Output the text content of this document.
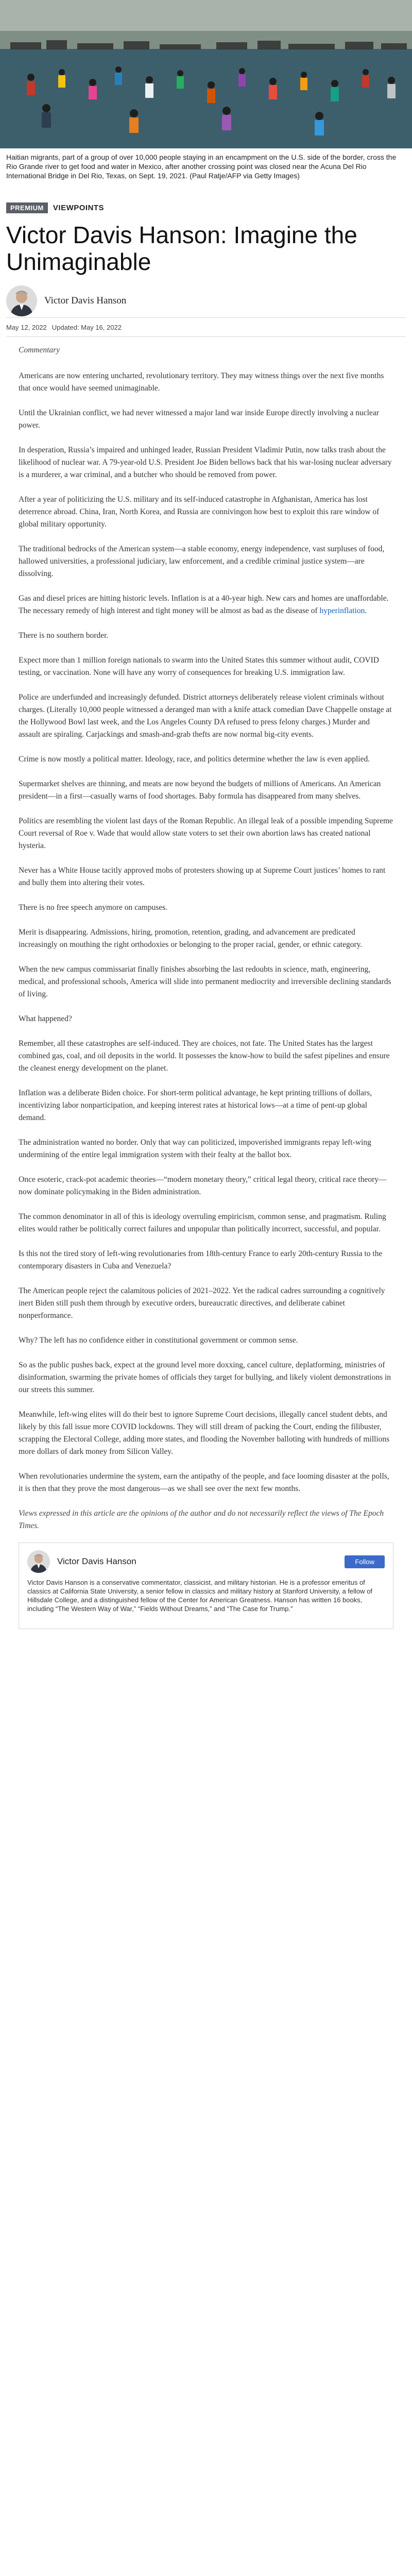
Haitian migrants, part of a group of over 10,000 people staying in an encampment on the U.S. side of the border, cross the Rio Grande river to get food and water in Mexico, after another crossing point was closed near the Acuna Del Rio International Bridge in Del Rio, Texas, on Sept. 19, 2021. (Paul Ratje/AFP via Getty Images)
PREMIUM	VIEWPOINTS
Victor Davis Hanson: Imagine the Unimaginable
Victor Davis Hanson
May 12, 2022 Updated: May 16, 2022
Commentary

Americans are now entering uncharted, revolutionary territory. They may witness things over the next five months that once would have seemed unimaginable.

Until the Ukrainian conflict, we had never witnessed a major land war inside Europe directly involving a nuclear power.

In desperation, Russia’s impaired and unhinged leader, Russian President Vladimir Putin, now talks trash about the likelihood of nuclear war. A 79-year-old U.S. President Joe Biden bellows back that his war-losing nuclear adversary is a murderer, a war criminal, and a butcher who should be removed from power.

After a year of politicizing the U.S. military and its self-induced catastrophe in Afghanistan, America has lost deterrence abroad. China, Iran, North Korea, and Russia are connivingon how best to exploit this rare window of global military opportunity.

The traditional bedrocks of the American system—a stable economy, energy independence, vast surpluses of food, hallowed universities, a professional judiciary, law enforcement, and a credible criminal justice system—are dissolving.

Gas and diesel prices are hitting historic levels. Inflation is at a 40-year high. New cars and homes are unaffordable. The necessary remedy of high interest and tight money will be almost as bad as the disease of hyperinflation.

There is no southern border.

Expect more than 1 million foreign nationals to swarm into the United States this summer without audit, COVID testing, or vaccination. None will have any worry of consequences for breaking U.S. immigration law.

Police are underfunded and increasingly defunded. District attorneys deliberately release violent criminals without charges. (Literally 10,000 people witnessed a deranged man with a knife attack comedian Dave Chappelle onstage at the Hollywood Bowl last week, and the Los Angeles County DA refused to press felony charges.) Murder and assault are spiraling. Carjackings and smash-and-grab thefts are now normal big-city events.

Crime is now mostly a political matter. Ideology, race, and politics determine whether the law is even applied.

Supermarket shelves are thinning, and meats are now beyond the budgets of millions of Americans. An American president—in a first—casually warns of food shortages. Baby formula has disappeared from many shelves.

Politics are resembling the violent last days of the Roman Republic. An illegal leak of a possible impending Supreme Court reversal of Roe v. Wade that would allow state voters to set their own abortion laws has created national hysteria.

Never has a White House tacitly approved mobs of protesters showing up at Supreme Court justices’ homes to rant and bully them into altering their votes.

There is no free speech anymore on campuses.

Merit is disappearing. Admissions, hiring, promotion, retention, grading, and advancement are predicated increasingly on mouthing the right orthodoxies or belonging to the proper racial, gender, or ethnic category.

When the new campus commissariat finally finishes absorbing the last redoubts in science, math, engineering, medical, and professional schools, America will slide into permanent mediocrity and irreversible declining standards of living.

What happened?

Remember, all these catastrophes are self-induced. They are choices, not fate. The United States has the largest combined gas, coal, and oil deposits in the world. It possesses the know-how to build the safest pipelines and ensure the cleanest energy development on the planet.

Inflation was a deliberate Biden choice. For short-term political advantage, he kept printing trillions of dollars, incentivizing labor nonparticipation, and keeping interest rates at historical lows—at a time of pent-up global demand.

The administration wanted no border. Only that way can politicized, impoverished immigrants repay left-wing undermining of the entire legal immigration system with their fealty at the ballot box.

Once esoteric, crack-pot academic theories—“modern monetary theory,” critical legal theory, critical race theory—now dominate policymaking in the Biden administration.

The common denominator in all of this is ideology overruling empiricism, common sense, and pragmatism. Ruling elites would rather be politically correct failures and unpopular than politically incorrect, successful, and popular.

Is this not the tired story of left-wing revolutionaries from 18th-century France to early 20th-century Russia to the contemporary disasters in Cuba and Venezuela?

The American people reject the calamitous policies of 2021–2022. Yet the radical cadres surrounding a cognitively inert Biden still push them through by executive orders, bureaucratic directives, and deliberate cabinet nonperformance.

Why? The left has no confidence either in constitutional government or common sense.

So as the public pushes back, expect at the ground level more doxxing, cancel culture, deplatforming, ministries of disinformation, swarming the private homes of officials they target for bullying, and likely violent demonstrations in our streets this summer.

Meanwhile, left-wing elites will do their best to ignore Supreme Court decisions, illegally cancel student debts, and likely by this fall issue more COVID lockdowns. They will still dream of packing the Court, ending the filibuster, scrapping the Electoral College, adding more states, and flooding the November balloting with hundreds of millions more dollars of dark money from Silicon Valley.

When revolutionaries undermine the system, earn the antipathy of the people, and face looming disaster at the polls, it is then that they prove the most dangerous—as we shall see over the next few months.

Views expressed in this article are the opinions of the author and do not necessarily reflect the views of The Epoch Times.

Victor Davis Hanson	Follow
Victor Davis Hanson is a conservative commentator, classicist, and military historian. He is a professor emeritus of classics at California State University, a senior fellow in classics and military history at Stanford University, a fellow of Hillsdale College, and a distinguished fellow of the Center for American Greatness. Hanson has written 16 books, including “The Western Way of War,” “Fields Without Dreams,” and “The Case for Trump.”
